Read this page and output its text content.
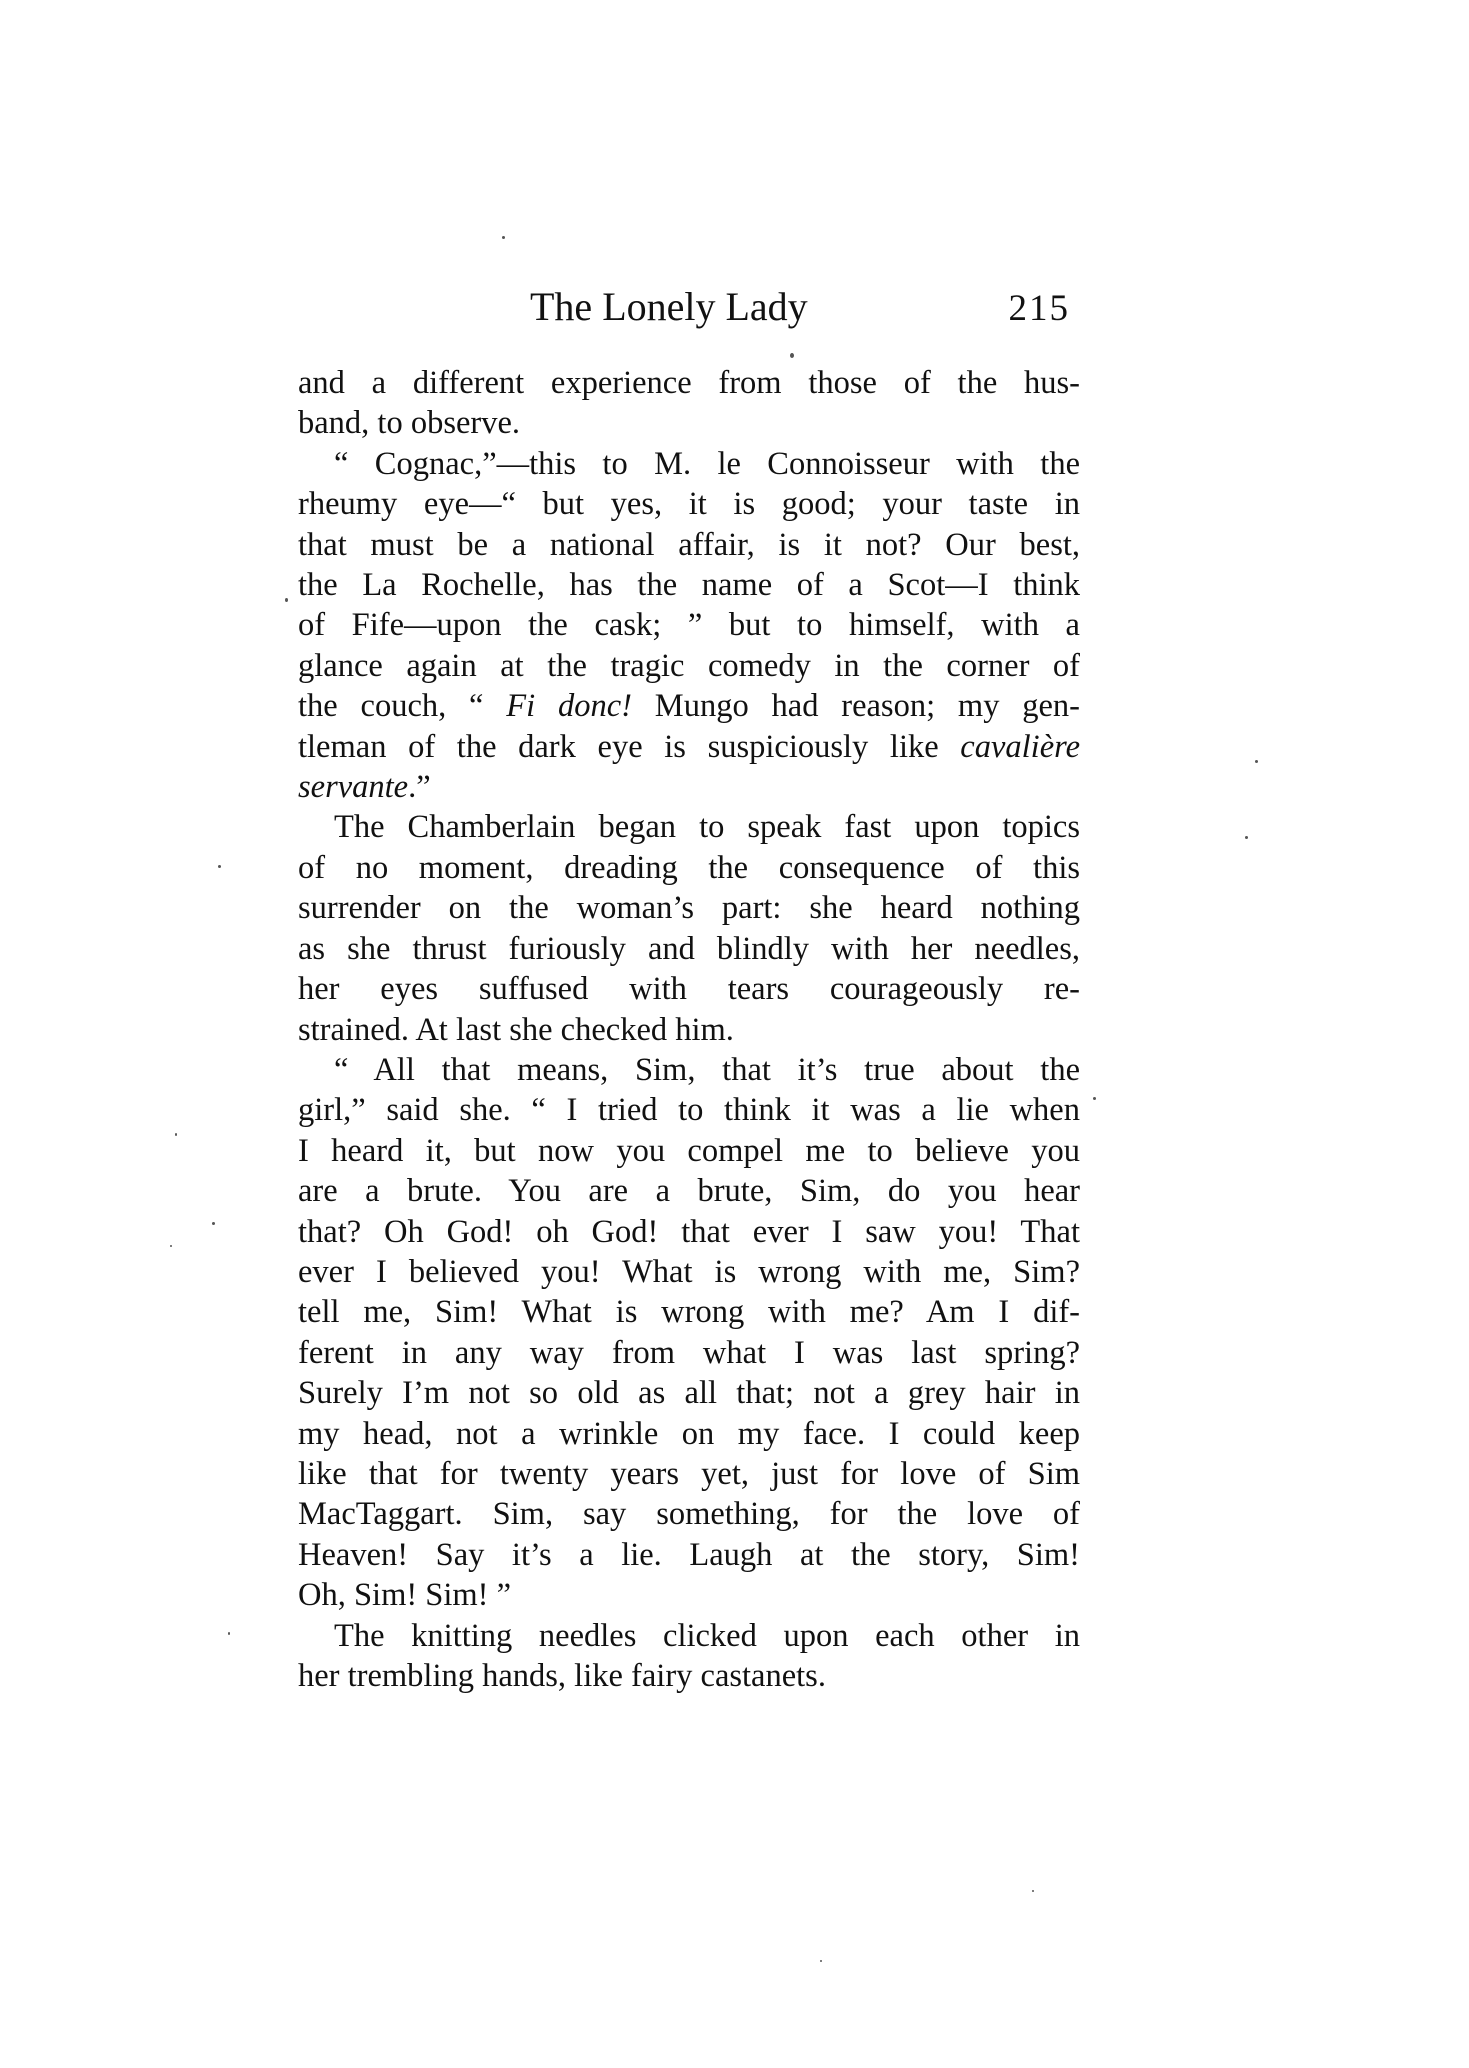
The Lonely Lady	215
and a different experience from those of the hus-
band, to observe.
“ Cognac,”—this to M. le Connoisseur with the
rheumy eye—“ but yes, it is good; your taste in
that must be a national affair, is it not? Our best,
the La Rochelle, has the name of a Scot—I think
of Fife—upon the cask; ” but to himself, with a
glance again at the tragic comedy in the corner of
the couch, “ Fi donc! Mungo had reason; my gen-
tleman of the dark eye is suspiciously like cavalière
servante.”
The Chamberlain began to speak fast upon topics
of no moment, dreading the consequence of this
surrender on the woman’s part: she heard nothing
as she thrust furiously and blindly with her needles,
her eyes suffused with tears courageously re-
strained. At last she checked him.
“ All that means, Sim, that it’s true about the
girl,” said she. “ I tried to think it was a lie when
I heard it, but now you compel me to believe you
are a brute. You are a brute, Sim, do you hear
that? Oh God! oh God! that ever I saw you! That
ever I believed you! What is wrong with me, Sim?
tell me, Sim! What is wrong with me? Am I dif-
ferent in any way from what I was last spring?
Surely I’m not so old as all that; not a grey hair in
my head, not a wrinkle on my face. I could keep
like that for twenty years yet, just for love of Sim
MacTaggart. Sim, say something, for the love of
Heaven! Say it’s a lie. Laugh at the story, Sim!
Oh, Sim! Sim! ”
The knitting needles clicked upon each other in
her trembling hands, like fairy castanets.
